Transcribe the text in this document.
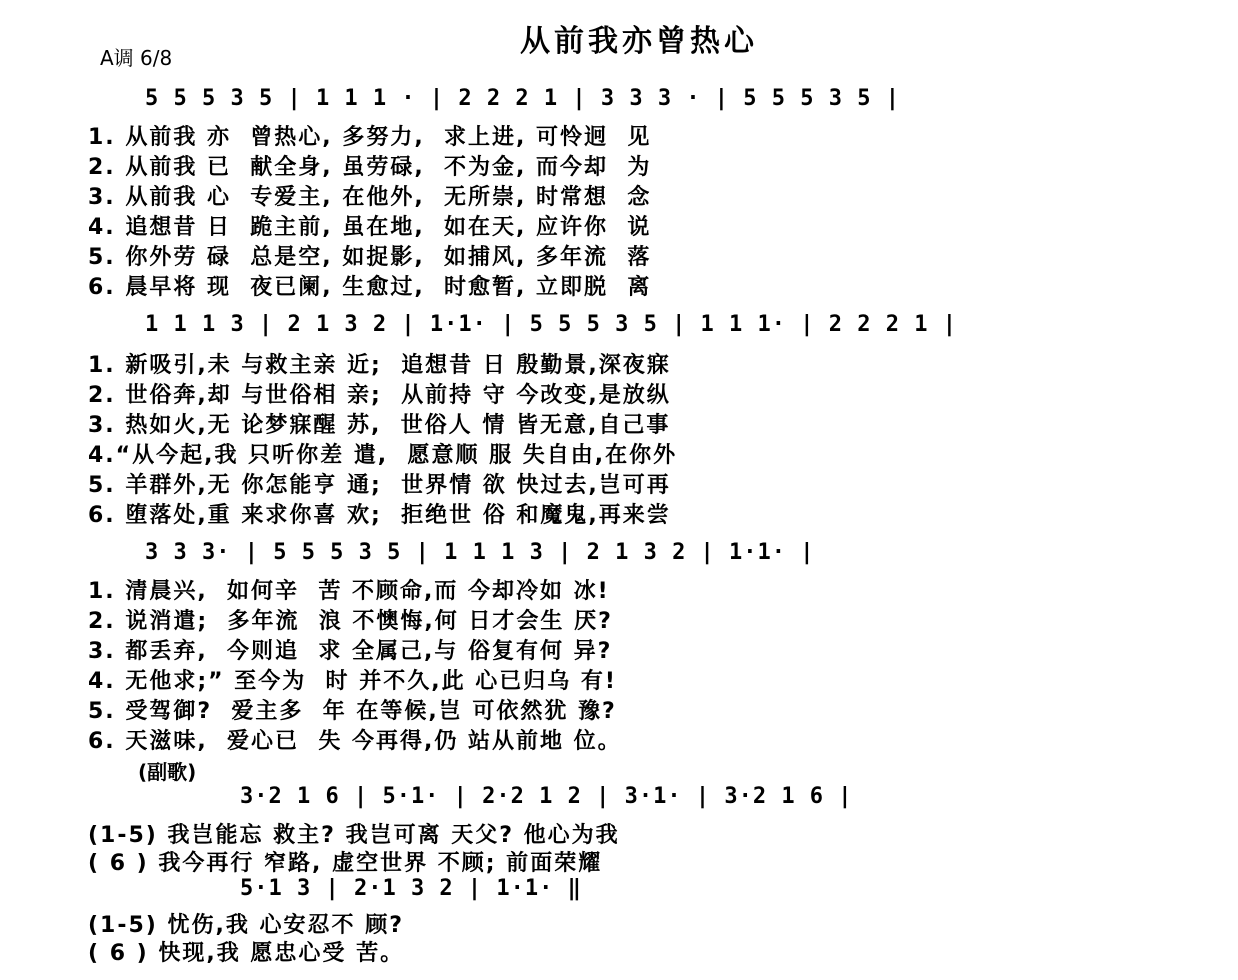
从前我亦曾热心
A调 6/8
5 5 5 3 5 | 1 1 1 · | 2 2 2 1 | 3 3 3 · | 5 5 5 3 5 |
1. 从前我 亦  曾热心, 多努力,  求上进, 可怜迥  见
2. 从前我 已  献全身, 虽劳碌,  不为金, 而今却  为
3. 从前我 心  专爱主, 在他外,  无所崇, 时常想  念
4. 追想昔 日  跪主前, 虽在地,  如在天, 应许你  说
5. 你外劳 碌  总是空, 如捉影,  如捕风, 多年流  落
6. 晨早将 现  夜已阑, 生愈过,  时愈暂, 立即脱  离
1 1 1 3 | 2 1 3 2 | 1·1· | 5 5 5 3 5 | 1 1 1· | 2 2 2 1 |
1. 新吸引,未 与救主亲 近;  追想昔 日 殷勤景,深夜寐
2. 世俗奔,却 与世俗相 亲;  从前持 守 今改变,是放纵
3. 热如火,无 论梦寐醒 苏,  世俗人 情 皆无意,自己事
4.“从今起,我 只听你差 遣,  愿意顺 服 失自由,在你外
5. 羊群外,无 你怎能亨 通;  世界情 欲 快过去,岂可再
6. 堕落处,重 来求你喜 欢;  拒绝世 俗 和魔鬼,再来尝
3 3 3· | 5 5 5 3 5 | 1 1 1 3 | 2 1 3 2 | 1·1· |
1. 清晨兴,  如何辛  苦 不顾命,而 今却冷如 冰!
2. 说消遣;  多年流  浪 不懊悔,何 日才会生 厌?
3. 都丢弃,  今则追  求 全属己,与 俗复有何 异?
4. 无他求;” 至今为  时 并不久,此 心已归乌 有!
5. 受驾御?  爱主多  年 在等候,岂 可依然犹 豫?
6. 天滋味,  爱心已  失 今再得,仍 站从前地 位。
(副歌)
3·2 1 6 | 5·1· | 2·2 1 2 | 3·1· | 3·2 1 6 |
(1-5) 我岂能忘 救主? 我岂可离 天父? 他心为我
( 6 ) 我今再行 窄路, 虚空世界 不顾; 前面荣耀
5·1 3 | 2·1 3 2 | 1·1· ‖
(1-5) 忧伤,我 心安忍不 顾?
( 6 ) 快现,我 愿忠心受 苦。
